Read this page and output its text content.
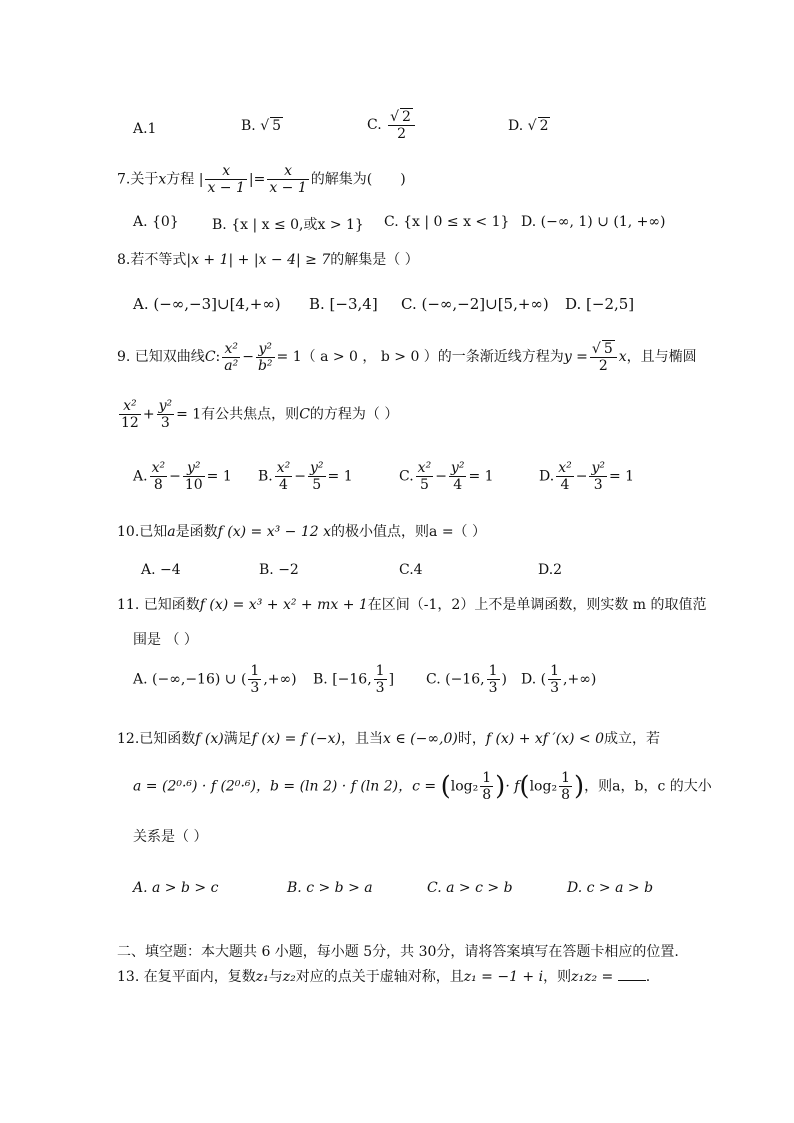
A.1	B. √ 5	C. $\frac{√ 2}{2}$	D. √ 2
7.关于x方程 | $\frac{x}{x - 1}$ |= $\frac{x}{x - 1}$ 的解集为(　　)
A. {0} B. {x | x ≤ 0,或x > 1} C. {x | 0 ≤ x < 1} D. (−∞, 1) ∪ (1, +∞)
8.若不等式|x + 1| + |x − 4| ≥ 7的解集是（ ）
A. (−∞,−3]∪[4,+∞) B. [−3,4] C. (−∞,−2]∪[5,+∞) D. [−2,5]
9. 已知双曲线C: $\frac{\text{x²}}{\text{a²}} - \frac{\text{y²}}{\text{b²}} = 1$（ a > 0 ， b > 0 ）的一条渐近线方程为$y = \frac{√ 5}{2}$ x，且与椭圆
$\frac{\text{x²}}{12} + \frac{\text{y²}}{3} = 1$有公共焦点，则C的方程为（ ）
A. $\frac{\text{x²}}{8} - \frac{\text{y²}}{10} = 1$ B. $\frac{\text{x²}}{4} - \frac{\text{y²}}{5} = 1$	C. $\frac{\text{x²}}{5} - \frac{\text{y²}}{4} = 1$	D. $\frac{\text{x²}}{4} - \frac{\text{y²}}{3} = 1$
10.已知a是函数f (x) = x³ − 12 x的极小值点，则a =（ ）
A. −4	B. −2	C.4	D.2
11. 已知函数f (x) = x³ + x² + mx + 1在区间（-1，2）上不是单调函数，则实数 m 的取值范
围是 （ ）
A. (−∞,−16) ∪ ( $\frac{1}{3}$ ,+∞) B. [−16, $\frac{1}{3}$ ] C. (−16, $\frac{1}{3}$ ) D. ( $\frac{1}{3}$ ,+∞)
12.已知函数f (x)满足f (x) = f (−x)，且当x ∈ (−∞,0)时，f (x) + xf ′(x) < 0成立，若
a = (2⁰·⁶) · f (2⁰·⁶)，b = (ln 2) · f (ln 2)，$c = (\log_2 \frac{1}{8}$ )· $f(\log_2 \frac{1}{8}$ )，则a，b，c 的大小
关系是（ ）
A. a > b > c	B. c > b > a	C. a > c > b	D. c > a > b
二、填空题：本大题共 6 小题，每小题 5分，共 30分，请将答案填写在答题卡相应的位置.
13. 在复平面内，复数z₁与z₂对应的点关于虚轴对称，且z₁ = −1 + i，则z₁z₂ = .
